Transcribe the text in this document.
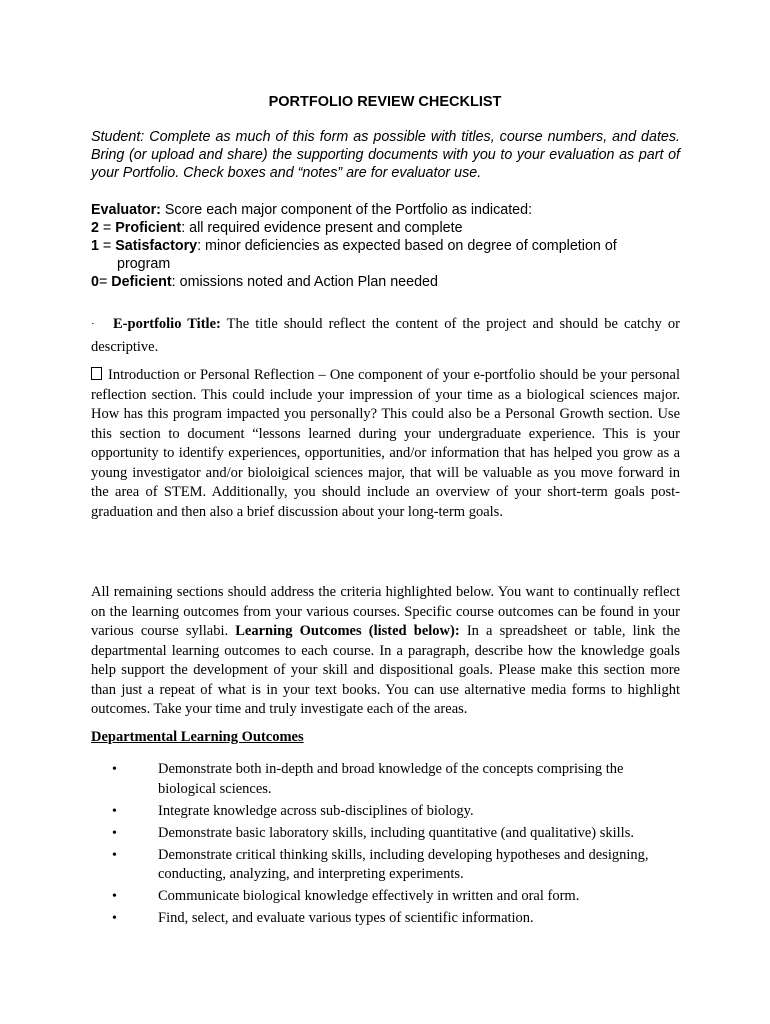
PORTFOLIO REVIEW CHECKLIST

Student: Complete as much of this form as possible with titles, course numbers, and dates. Bring (or upload and share) the supporting documents with you to your evaluation as part of your Portfolio. Check boxes and “notes” are for evaluator use.

Evaluator: Score each major component of the Portfolio as indicated:

2 = Proficient: all required evidence present and complete

1 = Satisfactory: minor deficiencies as expected based on degree of completion of

program

0= Deficient: omissions noted and Action Plan needed

· E-portfolio Title: The title should reflect the content of the project and should be catchy or descriptive.

Introduction or Personal Reflection – One component of your e-portfolio should be your personal reflection section. This could include your impression of your time as a biological sciences major. How has this program impacted you personally? This could also be a Personal Growth section. Use this section to document “lessons learned during your undergraduate experience. This is your opportunity to identify experiences, opportunities, and/or information that has helped you grow as a young investigator and/or bioloigical sciences major, that will be valuable as you move forward in the area of STEM. Additionally, you should include an overview of your short-term goals post-graduation and then also a brief discussion about your long-term goals.

All remaining sections should address the criteria highlighted below. You want to continually reflect on the learning outcomes from your various courses. Specific course outcomes can be found in your various course syllabi. Learning Outcomes (listed below): In a spreadsheet or table, link the departmental learning outcomes to each course. In a paragraph, describe how the knowledge goals help support the development of your skill and dispositional goals. Please make this section more than just a repeat of what is in your text books. You can use alternative media forms to highlight outcomes. Take your time and truly investigate each of the areas.

Departmental Learning Outcomes
•	Demonstrate both in-depth and broad knowledge of the concepts comprising the biological sciences.
•	Integrate knowledge across sub-disciplines of biology.
•	Demonstrate basic laboratory skills, including quantitative (and qualitative) skills.
•	Demonstrate critical thinking skills, including developing hypotheses and designing, conducting, analyzing, and interpreting experiments.
•	Communicate biological knowledge effectively in written and oral form.
•	Find, select, and evaluate various types of scientific information.
